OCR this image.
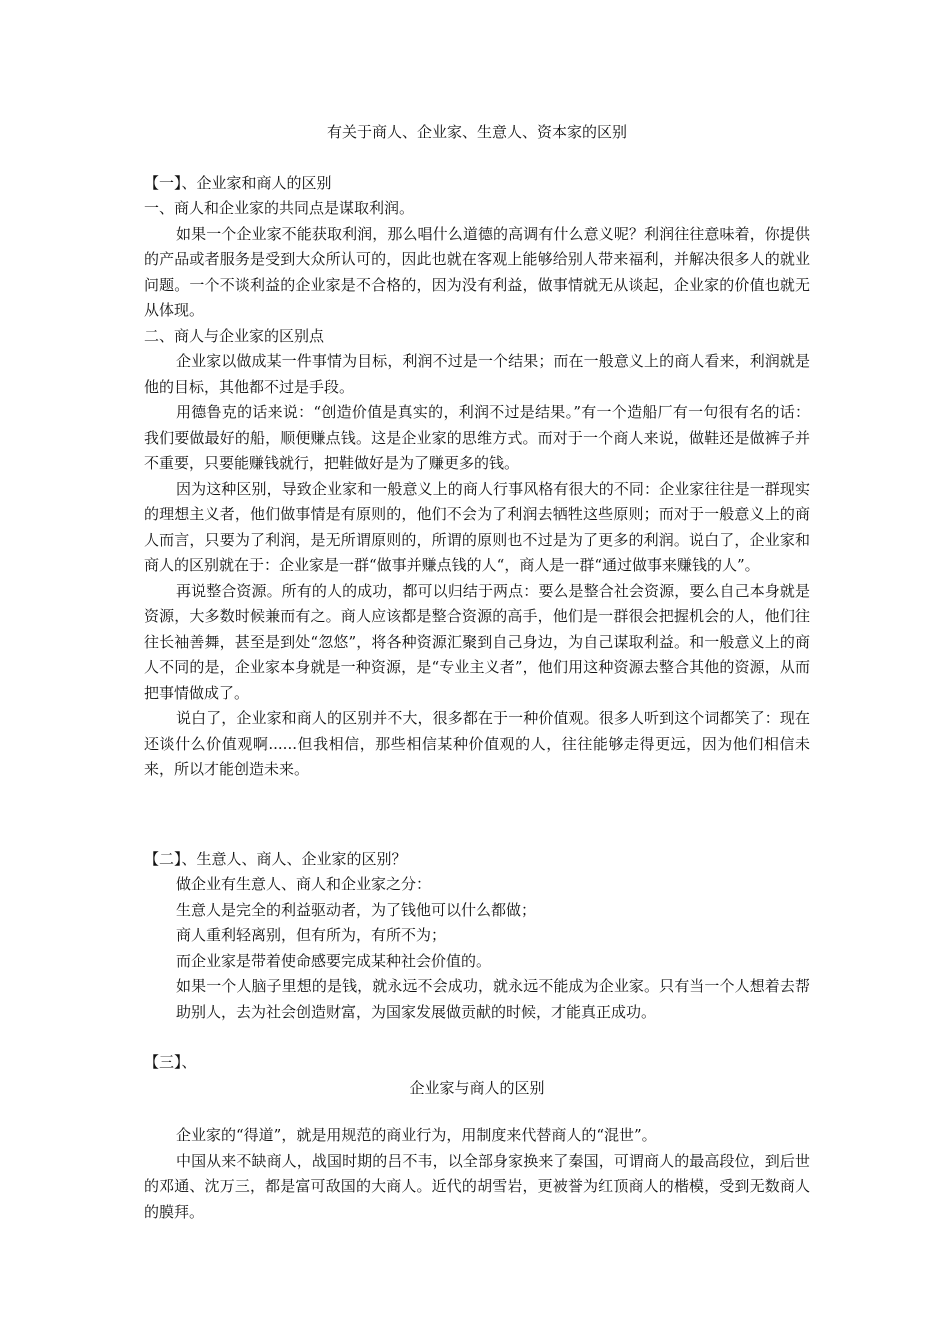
有关于商人、企业家、生意人、资本家的区别

【一】、企业家和商人的区别

一、商人和企业家的共同点是谋取利润。

如果一个企业家不能获取利润，那么唱什么道德的高调有什么意义呢？利润往往意味着，你提供的产品或者服务是受到大众所认可的，因此也就在客观上能够给别人带来福利，并解决很多人的就业问题。一个不谈利益的企业家是不合格的，因为没有利益，做事情就无从谈起，企业家的价值也就无从体现。

二、商人与企业家的区别点

企业家以做成某一件事情为目标，利润不过是一个结果；而在一般意义上的商人看来，利润就是他的目标，其他都不过是手段。

用德鲁克的话来说：“创造价值是真实的，利润不过是结果。”有一个造船厂有一句很有名的话：我们要做最好的船，顺便赚点钱。这是企业家的思维方式。而对于一个商人来说，做鞋还是做裤子并不重要，只要能赚钱就行，把鞋做好是为了赚更多的钱。

因为这种区别，导致企业家和一般意义上的商人行事风格有很大的不同：企业家往往是一群现实的理想主义者，他们做事情是有原则的，他们不会为了利润去牺牲这些原则；而对于一般意义上的商人而言，只要为了利润，是无所谓原则的，所谓的原则也不过是为了更多的利润。说白了，企业家和商人的区别就在于：企业家是一群“做事并赚点钱的人“，商人是一群“通过做事来赚钱的人”。

再说整合资源。所有的人的成功，都可以归结于两点：要么是整合社会资源，要么自己本身就是资源，大多数时候兼而有之。商人应该都是整合资源的高手，他们是一群很会把握机会的人，他们往往长袖善舞，甚至是到处“忽悠”，将各种资源汇聚到自己身边，为自己谋取利益。和一般意义上的商人不同的是，企业家本身就是一种资源，是“专业主义者”，他们用这种资源去整合其他的资源，从而把事情做成了。

说白了，企业家和商人的区别并不大，很多都在于一种价值观。很多人听到这个词都笑了：现在还谈什么价值观啊......但我相信，那些相信某种价值观的人，往往能够走得更远，因为他们相信未来，所以才能创造未来。

【二】、生意人、商人、企业家的区别？

做企业有生意人、商人和企业家之分：

生意人是完全的利益驱动者，为了钱他可以什么都做；

商人重利轻离别，但有所为，有所不为；

而企业家是带着使命感要完成某种社会价值的。

如果一个人脑子里想的是钱，就永远不会成功，就永远不能成为企业家。只有当一个人想着去帮助别人，去为社会创造财富，为国家发展做贡献的时候，才能真正成功。

【三】、

企业家与商人的区别

企业家的“得道”，就是用规范的商业行为，用制度来代替商人的“混世”。

中国从来不缺商人，战国时期的吕不韦，以全部身家换来了秦国，可谓商人的最高段位，到后世的邓通、沈万三，都是富可敌国的大商人。近代的胡雪岩，更被誉为红顶商人的楷模，受到无数商人的膜拜。
